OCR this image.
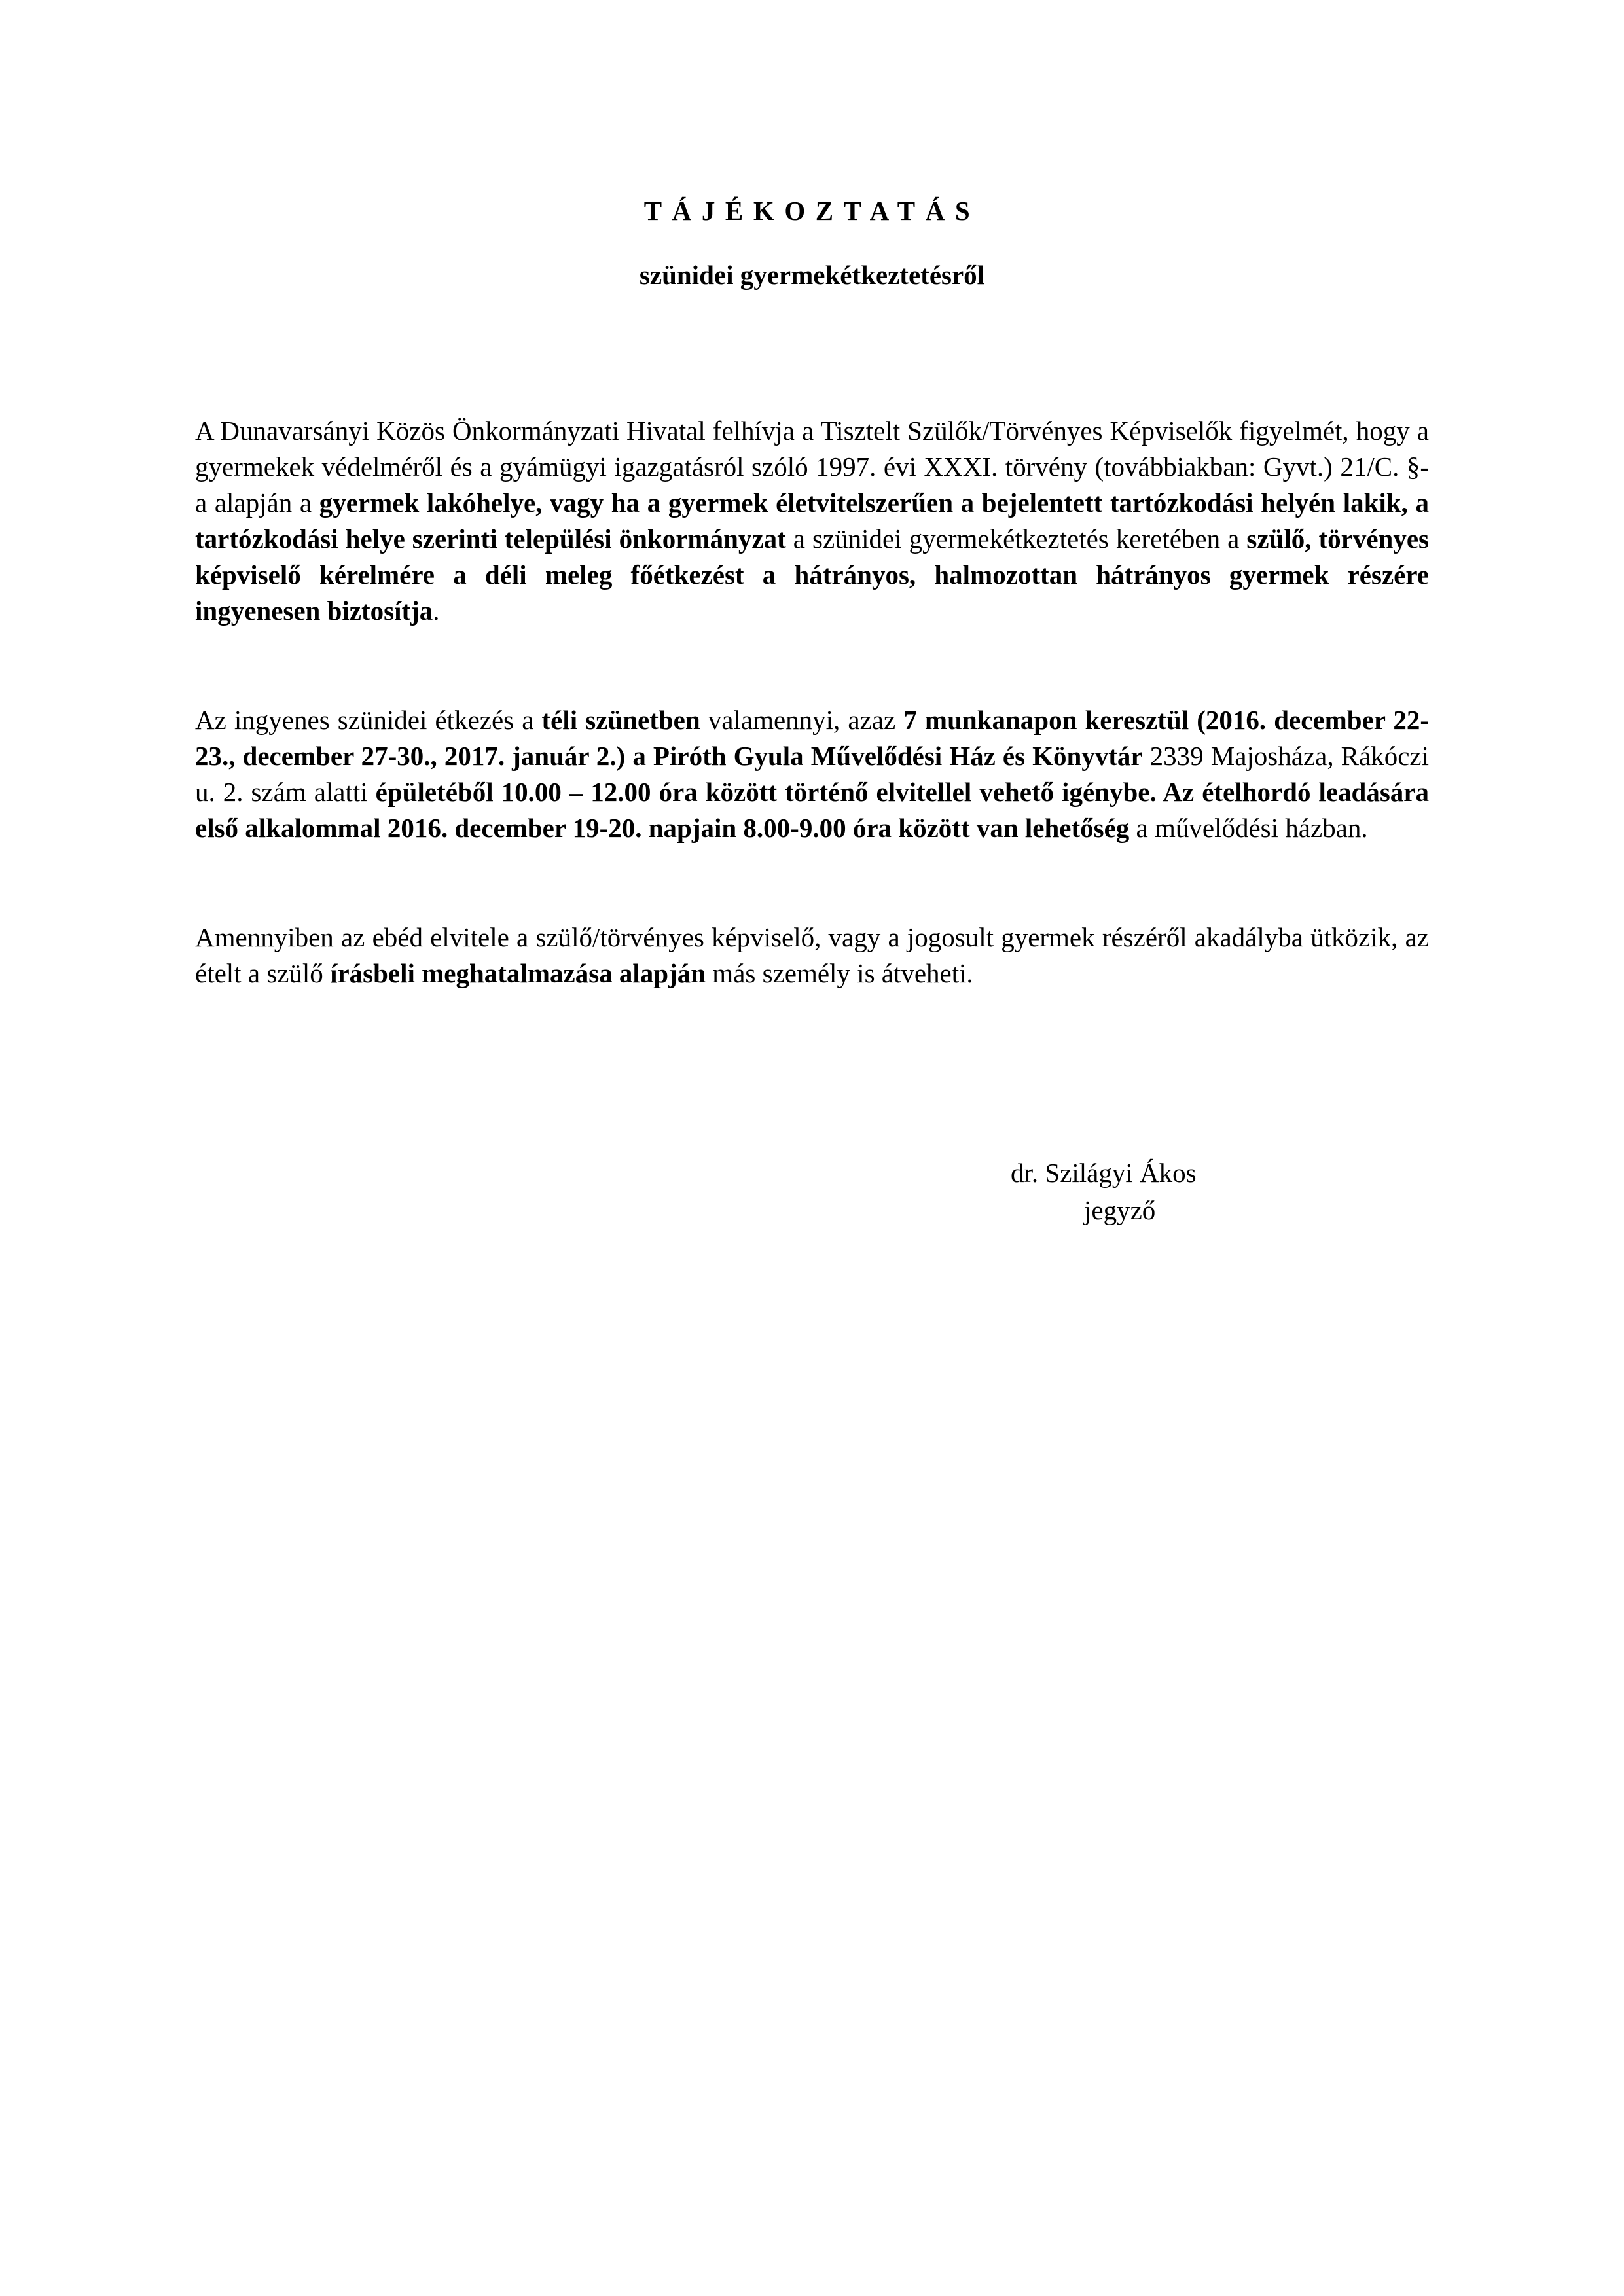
TÁJÉKOZTATÁS
szünidei gyermekétkeztetésről

A Dunavarsányi Közös Önkormányzati Hivatal felhívja a Tisztelt Szülők/Törvényes Képviselők figyelmét, hogy a gyermekek védelméről és a gyámügyi igazgatásról szóló 1997. évi XXXI. törvény (továbbiakban: Gyvt.) 21/C. §-a alapján a gyermek lakóhelye, vagy ha a gyermek életvitelszerűen a bejelentett tartózkodási helyén lakik, a tartózkodási helye szerinti települési önkormányzat a szünidei gyermekétkeztetés keretében a szülő, törvényes képviselő kérelmére a déli meleg főétkezést a hátrányos, halmozottan hátrányos gyermek részére ingyenesen biztosítja.

Az ingyenes szünidei étkezés a téli szünetben valamennyi, azaz 7 munkanapon keresztül (2016. december 22-23., december 27-30., 2017. január 2.) a Piróth Gyula Művelődési Ház és Könyvtár 2339 Majosháza, Rákóczi u. 2. szám alatti épületéből 10.00 – 12.00 óra között történő elvitellel vehető igénybe. Az ételhordó leadására első alkalommal 2016. december 19-20. napjain 8.00-9.00 óra között van lehetőség a művelődési házban.

Amennyiben az ebéd elvitele a szülő/törvényes képviselő, vagy a jogosult gyermek részéről akadályba ütközik, az ételt a szülő írásbeli meghatalmazása alapján más személy is átveheti.

dr. Szilágyi Ákos
jegyző
